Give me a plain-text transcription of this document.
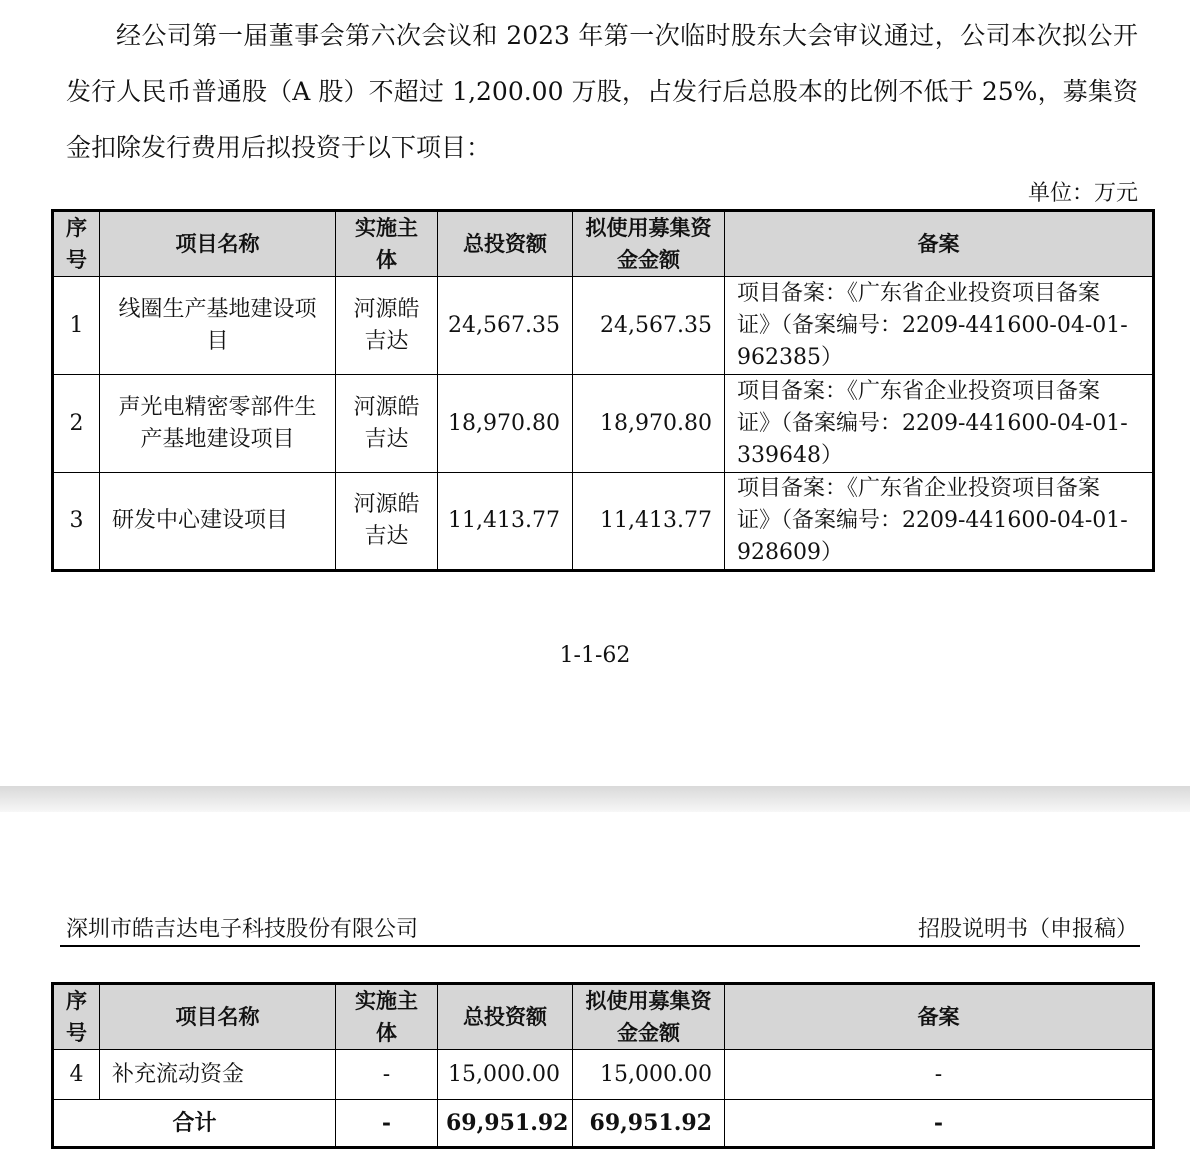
经公司第一届董事会第六次会议和 2023 年第一次临时股东大会审议通过，公司本次拟公开发行人民币普通股（A 股）不超过 1,200.00 万股，占发行后总股本的比例不低于 25%，募集资金扣除发行费用后拟投资于以下项目：

单位：万元
序号	项目名称	实施主体	总投资额	拟使用募集资金金额	备案
1	线圈生产基地建设项目	河源皓吉达	24,567.35	24,567.35	项目备案：《广东省企业投资项目备案证》（备案编号：2209-441600-04-01-962385）
2	声光电精密零部件生产基地建设项目	河源皓吉达	18,970.80	18,970.80	项目备案：《广东省企业投资项目备案证》（备案编号：2209-441600-04-01-339648）
3	研发中心建设项目	河源皓吉达	11,413.77	11,413.77	项目备案：《广东省企业投资项目备案证》（备案编号：2209-441600-04-01-928609）
1-1-62
深圳市皓吉达电子科技股份有限公司	招股说明书（申报稿）
序号	项目名称	实施主体	总投资额	拟使用募集资金金额	备案
4	补充流动资金	-	15,000.00	15,000.00	-
合计		-	69,951.92	69,951.92	-
